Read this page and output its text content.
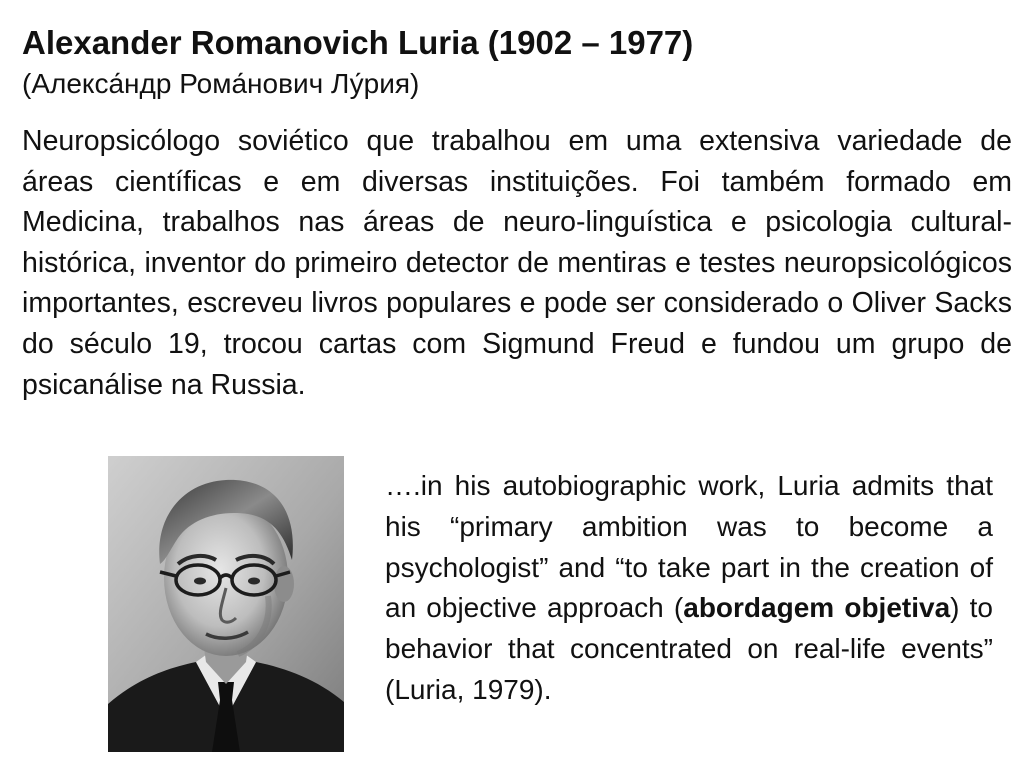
Alexander Romanovich Luria (1902 – 1977)

(Алекса́ндр Рома́нович Лу́рия)

Neuropsicólogo soviético que trabalhou em uma extensiva variedade de áreas científicas e em diversas instituições. Foi também formado em Medicina, trabalhos nas áreas de neuro-linguística e psicologia cultural-histórica, inventor do primeiro detector de mentiras e testes neuropsicológicos importantes, escreveu livros populares e pode ser considerado o Oliver Sacks do século 19, trocou cartas com Sigmund Freud e fundou um grupo de psicanálise na Russia.

….in his autobiographic work, Luria admits that his “primary ambition was to become a psychologist” and “to take part in the creation of an objective approach (abordagem objetiva) to behavior that concentrated on real-life events” (Luria, 1979).
